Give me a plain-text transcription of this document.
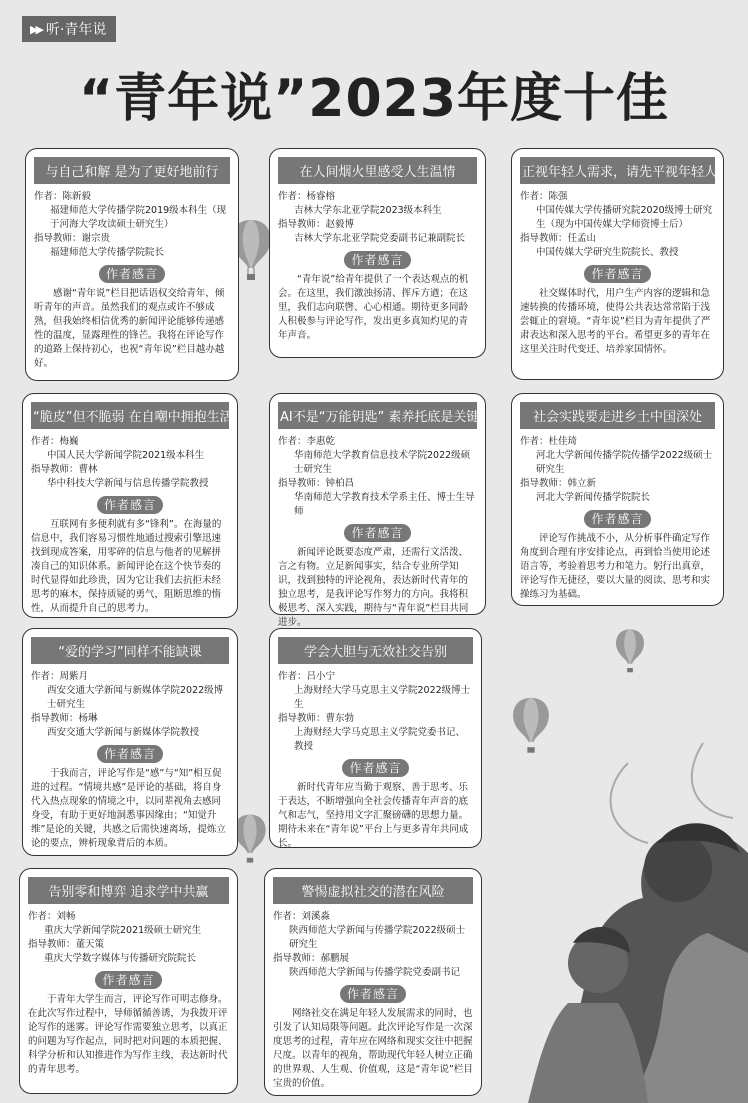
▶▶ 听·青年说
“青年说”2023年度十佳
与自己和解 是为了更好地前行

作者：陈新毅

福建师范大学传播学院2019级本科生（现于河海大学攻读硕士研究生）

指导教师：谢宗贵

福建师范大学传播学院院长

作者感言

感谢“青年说”栏目把话语权交给青年，倾听青年的声音。虽然我们的观点或许不够成熟，但我始终相信优秀的新闻评论能够传递感性的温度，显露理性的锋芒。我将在评论写作的道路上保持初心，也祝“青年说”栏目越办越好。

在人间烟火里感受人生温情

作者：杨睿榕

吉林大学东北亚学院2023级本科生

指导教师：赵毅博

吉林大学东北亚学院党委副书记兼副院长

作者感言

“青年说”给青年提供了一个表达观点的机会。在这里，我们激浊扬清、挥斥方遒；在这里，我们志向联辔、心心相通。期待更多同龄人积极参与评论写作，发出更多真知灼见的青年声音。

正视年轻人需求，请先平视年轻人

作者：陈强

中国传媒大学传播研究院2020级博士研究生（现为中国传媒大学师资博士后）

指导教师：任孟山

中国传媒大学研究生院院长、教授

作者感言

社交媒体时代，用户生产内容的逻辑和急速转换的传播环境，使得公共表达常常陷于浅尝辄止的窘境。“青年说”栏目为青年提供了严肃表达和深入思考的平台。希望更多的青年在这里关注时代变迁、培养家国情怀。

“脆皮”但不脆弱 在自嘲中拥抱生活

作者：梅巍

中国人民大学新闻学院2021级本科生

指导教师：曹林

华中科技大学新闻与信息传播学院教授

作者感言

互联网有多便利就有多“锋利”。在海量的信息中，我们容易习惯性地通过搜索引擎迅速找到现成答案，用零碎的信息与他者的见解拼凑自己的知识体系。新闻评论在这个快节奏的时代显得如此珍贵，因为它让我们去抗拒未经思考的麻木，保持质疑的勇气，阻断思维的惰性，从而提升自己的思考力。

AI不是“万能钥匙” 素养托底是关键

作者：李惠乾

华南师范大学教育信息技术学院2022级硕士研究生

指导教师：钟柏昌

华南师范大学教育技术学系主任、博士生导师

作者感言

新闻评论既要态度严肃，还需行文活泼、言之有物。立足新闻事实，结合专业所学知识，找到独特的评论视角，表达新时代青年的独立思考，是我评论写作努力的方向。我将积极思考、深入实践，期待与“青年说”栏目共同进步。

社会实践要走进乡土中国深处

作者：杜佳琦

河北大学新闻传播学院传播学2022级硕士研究生

指导教师：韩立新

河北大学新闻传播学院院长

作者感言

评论写作挑战不小，从分析事件确定写作角度到合理有序安排论点，再到恰当使用论述语言等，考验着思考力和笔力。躬行出真章，评论写作无捷径，要以大量的阅读、思考和实操练习为基础。

“爱的学习”同样不能缺课

作者：周紫月

西安交通大学新闻与新媒体学院2022级博士研究生

指导教师：杨琳

西安交通大学新闻与新媒体学院教授

作者感言

于我而言，评论写作是“感”与“知”相互促进的过程。“情境共感”是评论的基础，将自身代入热点现象的情境之中，以同辈视角去感同身受，有助于更好地洞悉事因缘由；“知觉升维”是论的关键，共感之后需快速离场，提炼立论的要点，辨析现象背后的本质。

学会大胆与无效社交告别

作者：吕小宁

上海财经大学马克思主义学院2022级博士生

指导教师：曹东勃

上海财经大学马克思主义学院党委书记、教授

作者感言

新时代青年应当勤于观察、善于思考、乐于表达，不断增强向全社会传播青年声音的底气和志气，坚持用文字汇聚磅礴的思想力量。期待未来在“青年说”平台上与更多青年共同成长。

告别零和博弈 追求学中共赢

作者：刘畅

重庆大学新闻学院2021级硕士研究生

指导教师：董天策

重庆大学数字媒体与传播研究院院长

作者感言

于青年大学生而言，评论写作可明志修身。在此次写作过程中，导师循循善诱，为我拨开评论写作的迷雾。评论写作需要独立思考，以真正的问题为写作起点，同时把对问题的本质把握、科学分析和认知推进作为写作主线，表达新时代的青年思考。

警惕虚拟社交的潜在风险

作者：刘溪淼

陕西师范大学新闻与传播学院2022级硕士研究生

指导教师：郝鹏展

陕西师范大学新闻与传播学院党委副书记

作者感言

网络社交在满足年轻人发展需求的同时，也引发了认知局限等问题。此次评论写作是一次深度思考的过程，青年应在网络和现实交往中把握尺度。以青年的视角，帮助现代年轻人树立正确的世界观、人生观、价值观，这是“青年说”栏目宝贵的价值。
